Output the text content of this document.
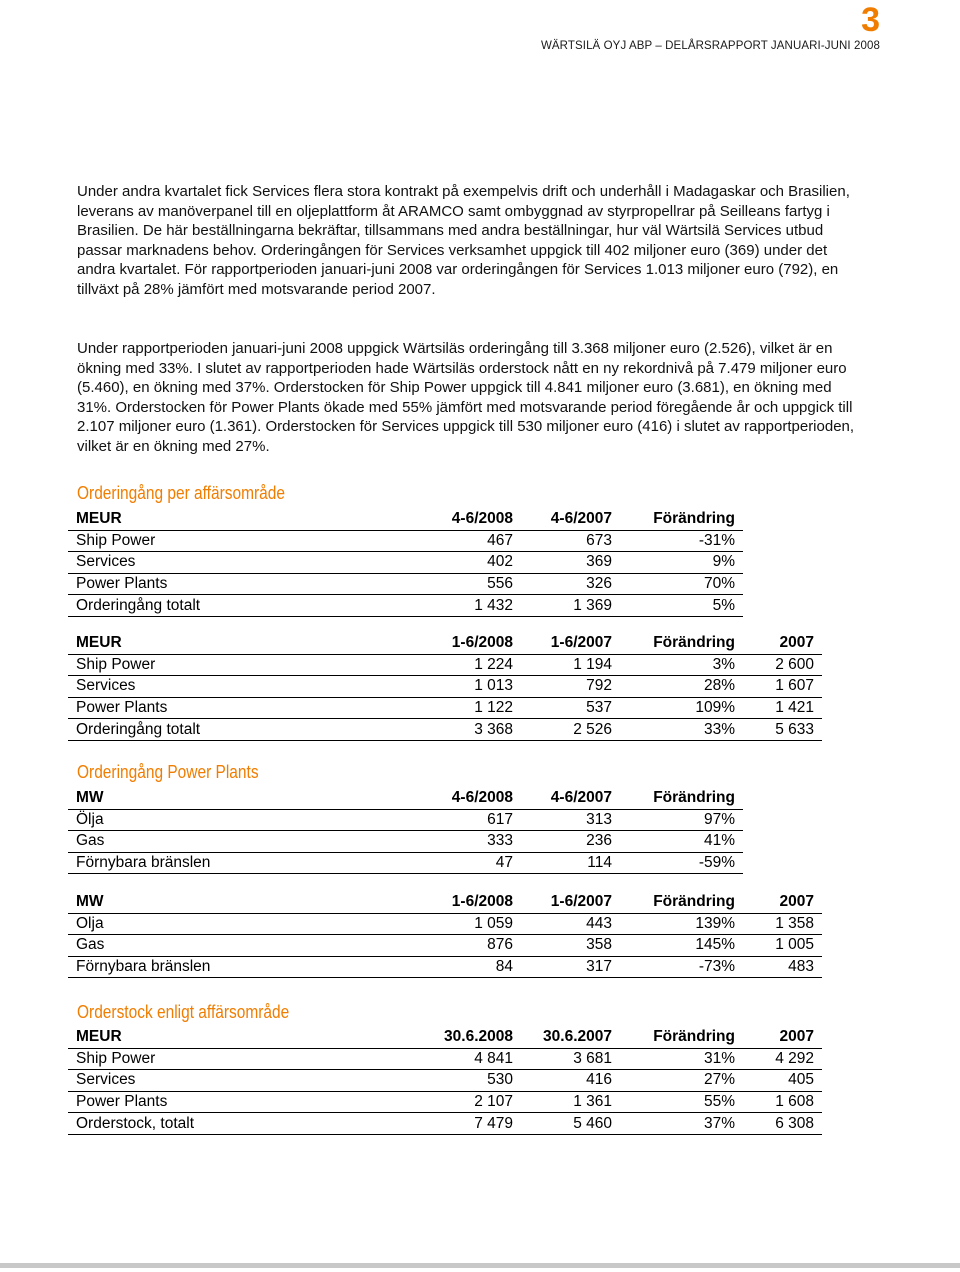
3
WÄRTSILÄ OYJ ABP – DELÅRSRAPPORT JANUARI-JUNI 2008

Under andra kvartalet fick Services flera stora kontrakt på exempelvis drift och underhåll i Madagaskar och Brasilien, leverans av manöverpanel till en oljeplattform åt ARAMCO samt ombyggnad av styrpropellrar på Seilleans fartyg i Brasilien. De här beställningarna bekräftar, tillsammans med andra beställningar, hur väl Wärtsilä Services utbud passar marknadens behov. Orderingången för Services verksamhet uppgick till 402 miljoner euro (369) under det andra kvartalet. För rapportperioden januari-juni 2008 var orderingången för Services 1.013 miljoner euro (792), en tillväxt på 28% jämfört med motsvarande period 2007.

Under rapportperioden januari-juni 2008 uppgick Wärtsiläs orderingång till 3.368 miljoner euro (2.526), vilket är en ökning med 33%. I slutet av rapportperioden hade Wärtsiläs orderstock nått en ny rekordnivå på 7.479 miljoner euro (5.460), en ökning med 37%. Orderstocken för Ship Power uppgick till 4.841 miljoner euro (3.681), en ökning med 31%. Orderstocken för Power Plants ökade med 55% jämfört med motsvarande period föregående år och uppgick till 2.107 miljoner euro (1.361). Orderstocken för Services uppgick till 530 miljoner euro (416) i slutet av rapportperioden, vilket är en ökning med 27%.

Orderingång per affärsområde
MEUR	4-6/2008	4-6/2007	Förändring	
Ship Power	467	673	-31%	
Services	402	369	9%	
Power Plants	556	326	70%	
Orderingång totalt	1 432	1 369	5%	
MEUR	1-6/2008	1-6/2007	Förändring	2007
Ship Power	1 224	1 194	3%	2 600
Services	1 013	792	28%	1 607
Power Plants	1 122	537	109%	1 421
Orderingång totalt	3 368	2 526	33%	5 633
Orderingång Power Plants
MW	4-6/2008	4-6/2007	Förändring	
Ölja	617	313	97%	
Gas	333	236	41%	
Förnybara bränslen	47	114	-59%	
MW	1-6/2008	1-6/2007	Förändring	2007
Olja	1 059	443	139%	1 358
Gas	876	358	145%	1 005
Förnybara bränslen	84	317	-73%	483
Orderstock enligt affärsområde
MEUR	30.6.2008	30.6.2007	Förändring	2007
Ship Power	4 841	3 681	31%	4 292
Services	530	416	27%	405
Power Plants	2 107	1 361	55%	1 608
Orderstock, totalt	7 479	5 460	37%	6 308
